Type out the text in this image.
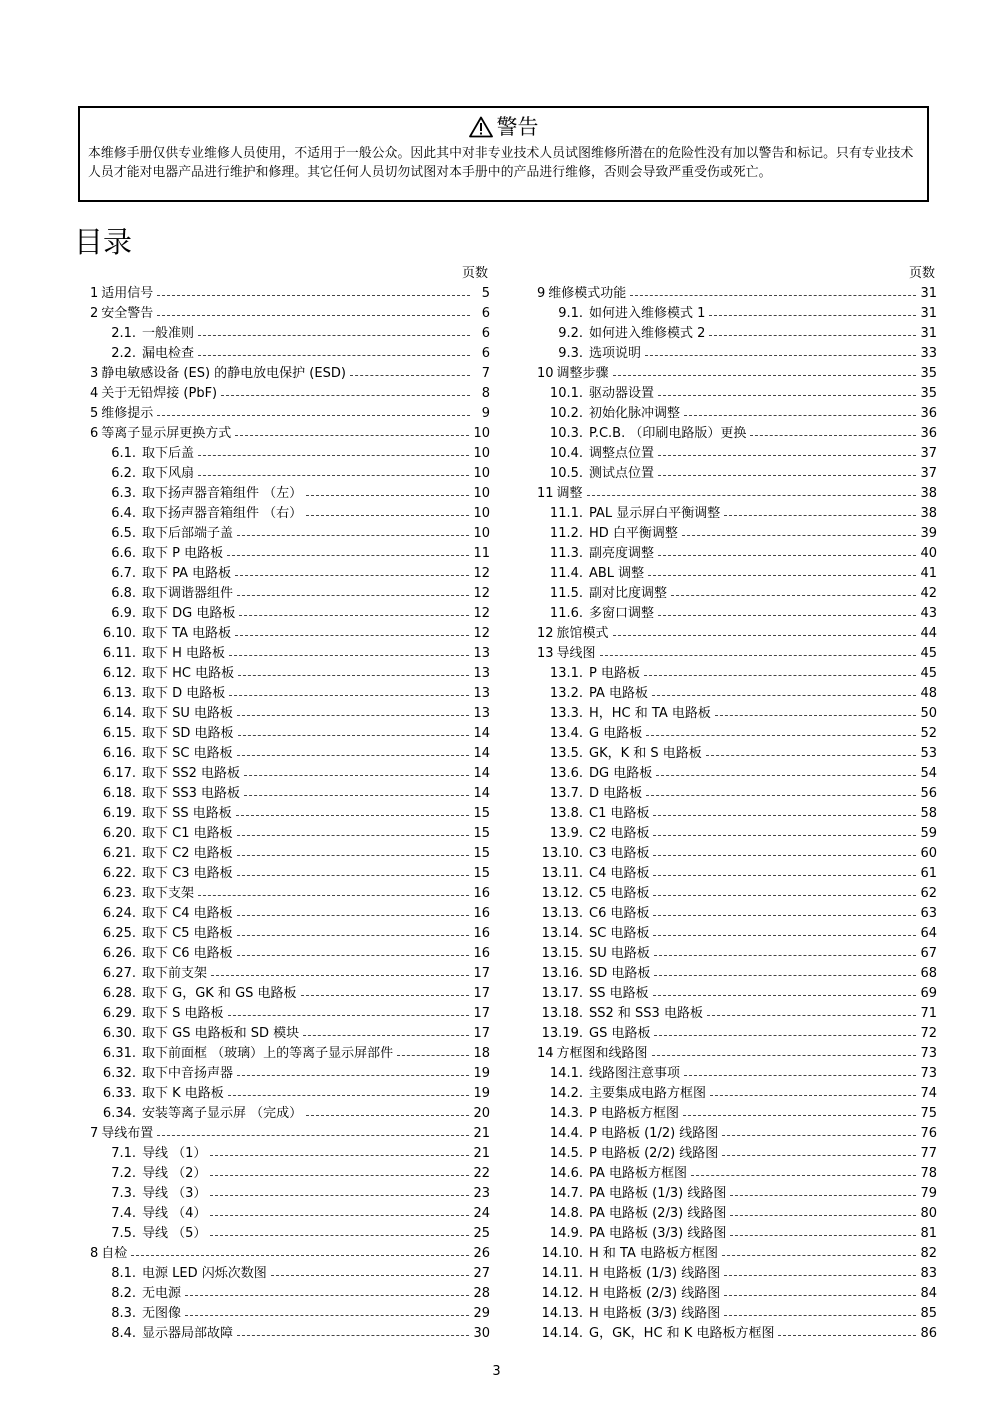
警告
本维修手册仅供专业维修人员使用，不适用于一般公众。因此其中对非专业技术人员试图维修所潜在的危险性没有加以警告和标记。只有专业技术人员才能对电器产品进行维护和修理。其它任何人员切勿试图对本手册中的产品进行维修，否则会导致严重受伤或死亡。
目录
页数
1 适用信号	5
2 安全警告	6
2.1. 一般准则	6
2.2. 漏电检查	6
3 静电敏感设备 (ES) 的静电放电保护 (ESD)	7
4 关于无铅焊接 (PbF)	8
5 维修提示	9
6 等离子显示屏更换方式	10
6.1. 取下后盖	10
6.2. 取下风扇	10
6.3. 取下扬声器音箱组件 （左）	10
6.4. 取下扬声器音箱组件 （右）	10
6.5. 取下后部端子盖	10
6.6. 取下 P 电路板	11
6.7. 取下 PA 电路板	12
6.8. 取下调谐器组件	12
6.9. 取下 DG 电路板	12
6.10. 取下 TA 电路板	12
6.11. 取下 H 电路板	13
6.12. 取下 HC 电路板	13
6.13. 取下 D 电路板	13
6.14. 取下 SU 电路板	13
6.15. 取下 SD 电路板	14
6.16. 取下 SC 电路板	14
6.17. 取下 SS2 电路板	14
6.18. 取下 SS3 电路板	14
6.19. 取下 SS 电路板	15
6.20. 取下 C1 电路板	15
6.21. 取下 C2 电路板	15
6.22. 取下 C3 电路板	15
6.23. 取下支架	16
6.24. 取下 C4 电路板	16
6.25. 取下 C5 电路板	16
6.26. 取下 C6 电路板	16
6.27. 取下前支架	17
6.28. 取下 G，GK 和 GS 电路板	17
6.29. 取下 S 电路板	17
6.30. 取下 GS 电路板和 SD 模块	17
6.31. 取下前面框 （玻璃）上的等离子显示屏部件	18
6.32. 取下中音扬声器	19
6.33. 取下 K 电路板	19
6.34. 安装等离子显示屏 （完成）	20
7 导线布置	21
7.1. 导线 （1）	21
7.2. 导线 （2）	22
7.3. 导线 （3）	23
7.4. 导线 （4）	24
7.5. 导线 （5）	25
8 自检	26
8.1. 电源 LED 闪烁次数图	27
8.2. 无电源	28
8.3. 无图像	29
8.4. 显示器局部故障	30
页数
9 维修模式功能	31
9.1. 如何进入维修模式 1	31
9.2. 如何进入维修模式 2	31
9.3. 选项说明	33
10 调整步骤	35
10.1. 驱动器设置	35
10.2. 初始化脉冲调整	36
10.3. P.C.B. （印刷电路版）更换	36
10.4. 调整点位置	37
10.5. 测试点位置	37
11 调整	38
11.1. PAL 显示屏白平衡调整	38
11.2. HD 白平衡调整	39
11.3. 副亮度调整	40
11.4. ABL 调整	41
11.5. 副对比度调整	42
11.6. 多窗口调整	43
12 旅馆模式	44
13 导线图	45
13.1. P 电路板	45
13.2. PA 电路板	48
13.3. H，HC 和 TA 电路板	50
13.4. G 电路板	52
13.5. GK，K 和 S 电路板	53
13.6. DG 电路板	54
13.7. D 电路板	56
13.8. C1 电路板	58
13.9. C2 电路板	59
13.10. C3 电路板	60
13.11. C4 电路板	61
13.12. C5 电路板	62
13.13. C6 电路板	63
13.14. SC 电路板	64
13.15. SU 电路板	67
13.16. SD 电路板	68
13.17. SS 电路板	69
13.18. SS2 和 SS3 电路板	71
13.19. GS 电路板	72
14 方框图和线路图	73
14.1. 线路图注意事项	73
14.2. 主要集成电路方框图	74
14.3. P 电路板方框图	75
14.4. P 电路板 (1/2) 线路图	76
14.5. P 电路板 (2/2) 线路图	77
14.6. PA 电路板方框图	78
14.7. PA 电路板 (1/3) 线路图	79
14.8. PA 电路板 (2/3) 线路图	80
14.9. PA 电路板 (3/3) 线路图	81
14.10. H 和 TA 电路板方框图	82
14.11. H 电路板 (1/3) 线路图	83
14.12. H 电路板 (2/3) 线路图	84
14.13. H 电路板 (3/3) 线路图	85
14.14. G，GK，HC 和 K 电路板方框图	86
3
